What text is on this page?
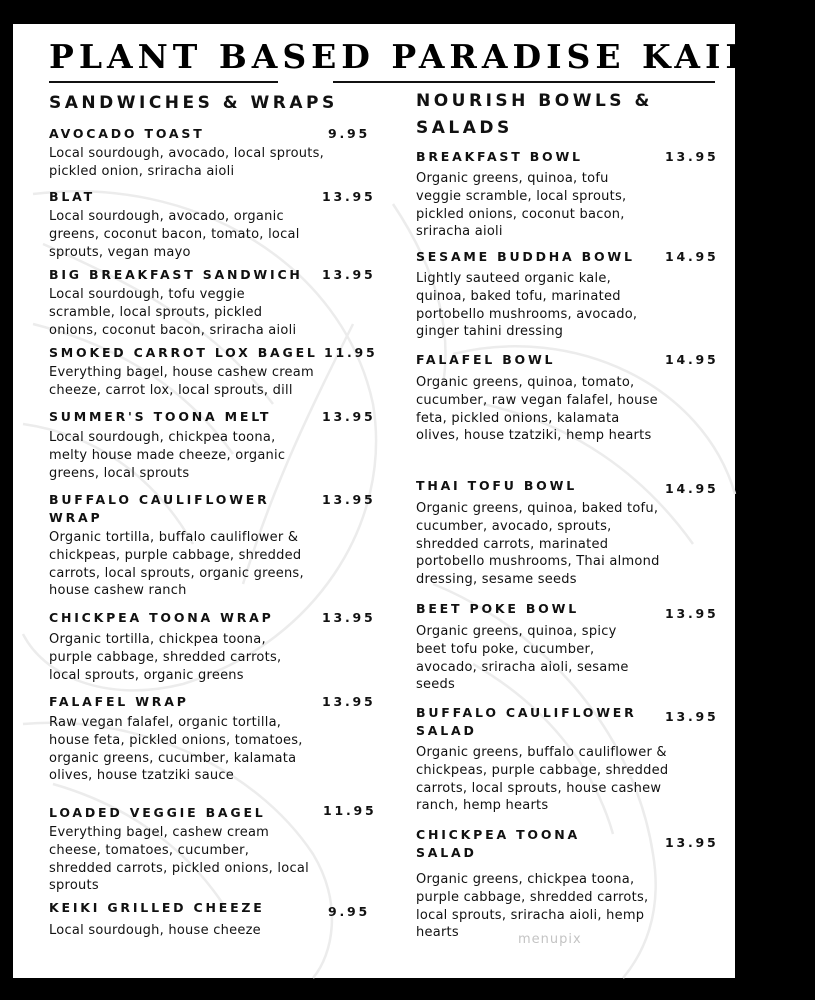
PLANT BASED PARADISE KAILUA
SANDWICHES & WRAPS
AVOCADO TOAST	9.95
Local sourdough, avocado, local sprouts, pickled onion, sriracha aioli
BLAT	13.95
Local sourdough, avocado, organic greens, coconut bacon, tomato, local sprouts, vegan mayo
BIG BREAKFAST SANDWICH	13.95
Local sourdough, tofu veggie scramble, local sprouts, pickled onions, coconut bacon, sriracha aioli
SMOKED CARROT LOX BAGEL 11.95
Everything bagel, house cashew cream cheeze, carrot lox, local sprouts, dill
SUMMER'S TOONA MELT	13.95
Local sourdough, chickpea toona, melty house made cheeze, organic greens, local sprouts
BUFFALO CAULIFLOWER WRAP
13.95
Organic tortilla, buffalo cauliflower & chickpeas, purple cabbage, shredded carrots, local sprouts, organic greens, house cashew ranch
CHICKPEA TOONA WRAP	13.95
Organic tortilla, chickpea toona, purple cabbage, shredded carrots, local sprouts, organic greens
FALAFEL WRAP	13.95
Raw vegan falafel, organic tortilla, house feta, pickled onions, tomatoes, organic greens, cucumber, kalamata olives, house tzatziki sauce
LOADED VEGGIE BAGEL	11.95
Everything bagel, cashew cream cheese, tomatoes, cucumber, shredded carrots, pickled onions, local sprouts
KEIKI GRILLED CHEEZE	9.95
Local sourdough, house cheeze
NOURISH BOWLS & SALADS
BREAKFAST BOWL	13.95
Organic greens, quinoa, tofu veggie scramble, local sprouts, pickled onions, coconut bacon, sriracha aioli
SESAME BUDDHA BOWL	14.95
Lightly sauteed organic kale, quinoa, baked tofu, marinated portobello mushrooms, avocado, ginger tahini dressing
FALAFEL BOWL	14.95
Organic greens, quinoa, tomato, cucumber, raw vegan falafel, house feta, pickled onions, kalamata olives, house tzatziki, hemp hearts
THAI TOFU BOWL	14.95
Organic greens, quinoa, baked tofu, cucumber, avocado, sprouts, shredded carrots, marinated portobello mushrooms, Thai almond dressing, sesame seeds
BEET POKE BOWL	13.95
Organic greens, quinoa, spicy beet tofu poke, cucumber, avocado, sriracha aioli, sesame seeds
BUFFALO CAULIFLOWER SALAD
13.95
Organic greens, buffalo cauliflower & chickpeas, purple cabbage, shredded carrots, local sprouts, house cashew ranch, hemp hearts
CHICKPEA TOONA SALAD
13.95
Organic greens, chickpea toona, purple cabbage, shredded carrots, local sprouts, sriracha aioli, hemp hearts	menupix
